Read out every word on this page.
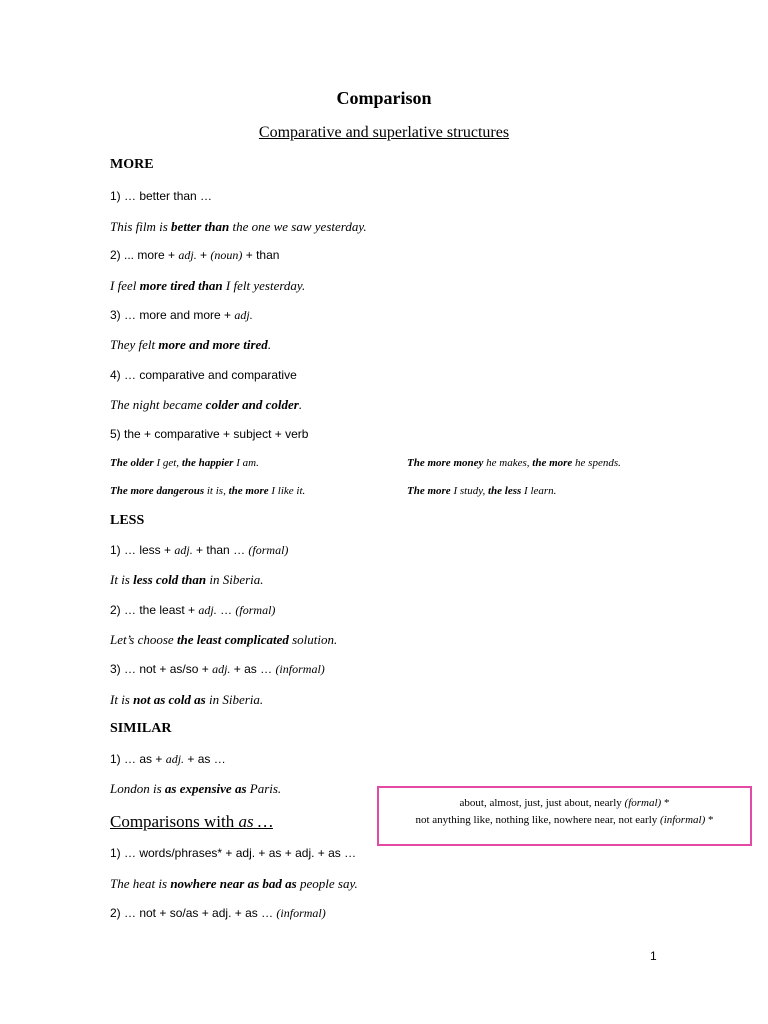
Comparison
Comparative and superlative structures
MORE
1) … better than …
This film is better than the one we saw yesterday.
2) ... more + adj. + (noun) + than
I feel more tired than I felt yesterday.
3) … more and more + adj.
They felt more and more tired.
4) … comparative and comparative
The night became colder and colder.
5) the + comparative + subject + verb
The older I get, the happier I am.	The more money he makes, the more he spends.
The more dangerous it is, the more I like it.	The more I study, the less I learn.
LESS
1) … less + adj. + than … (formal)
It is less cold than in Siberia.
2) … the least + adj. … (formal)
Let’s choose the least complicated solution.
3) … not + as/so + adj. + as … (informal)
It is not as cold as in Siberia.
SIMILAR
1) … as + adj. + as …
London is as expensive as Paris.
Comparisons with as …
1) … words/phrases* + adj. + as + adj. + as …
The heat is nowhere near as bad as people say.
2) … not + so/as + adj. + as … (informal)
about, almost, just, just about, nearly (formal) *
not anything like, nothing like, nowhere near, not early (informal) *
1
